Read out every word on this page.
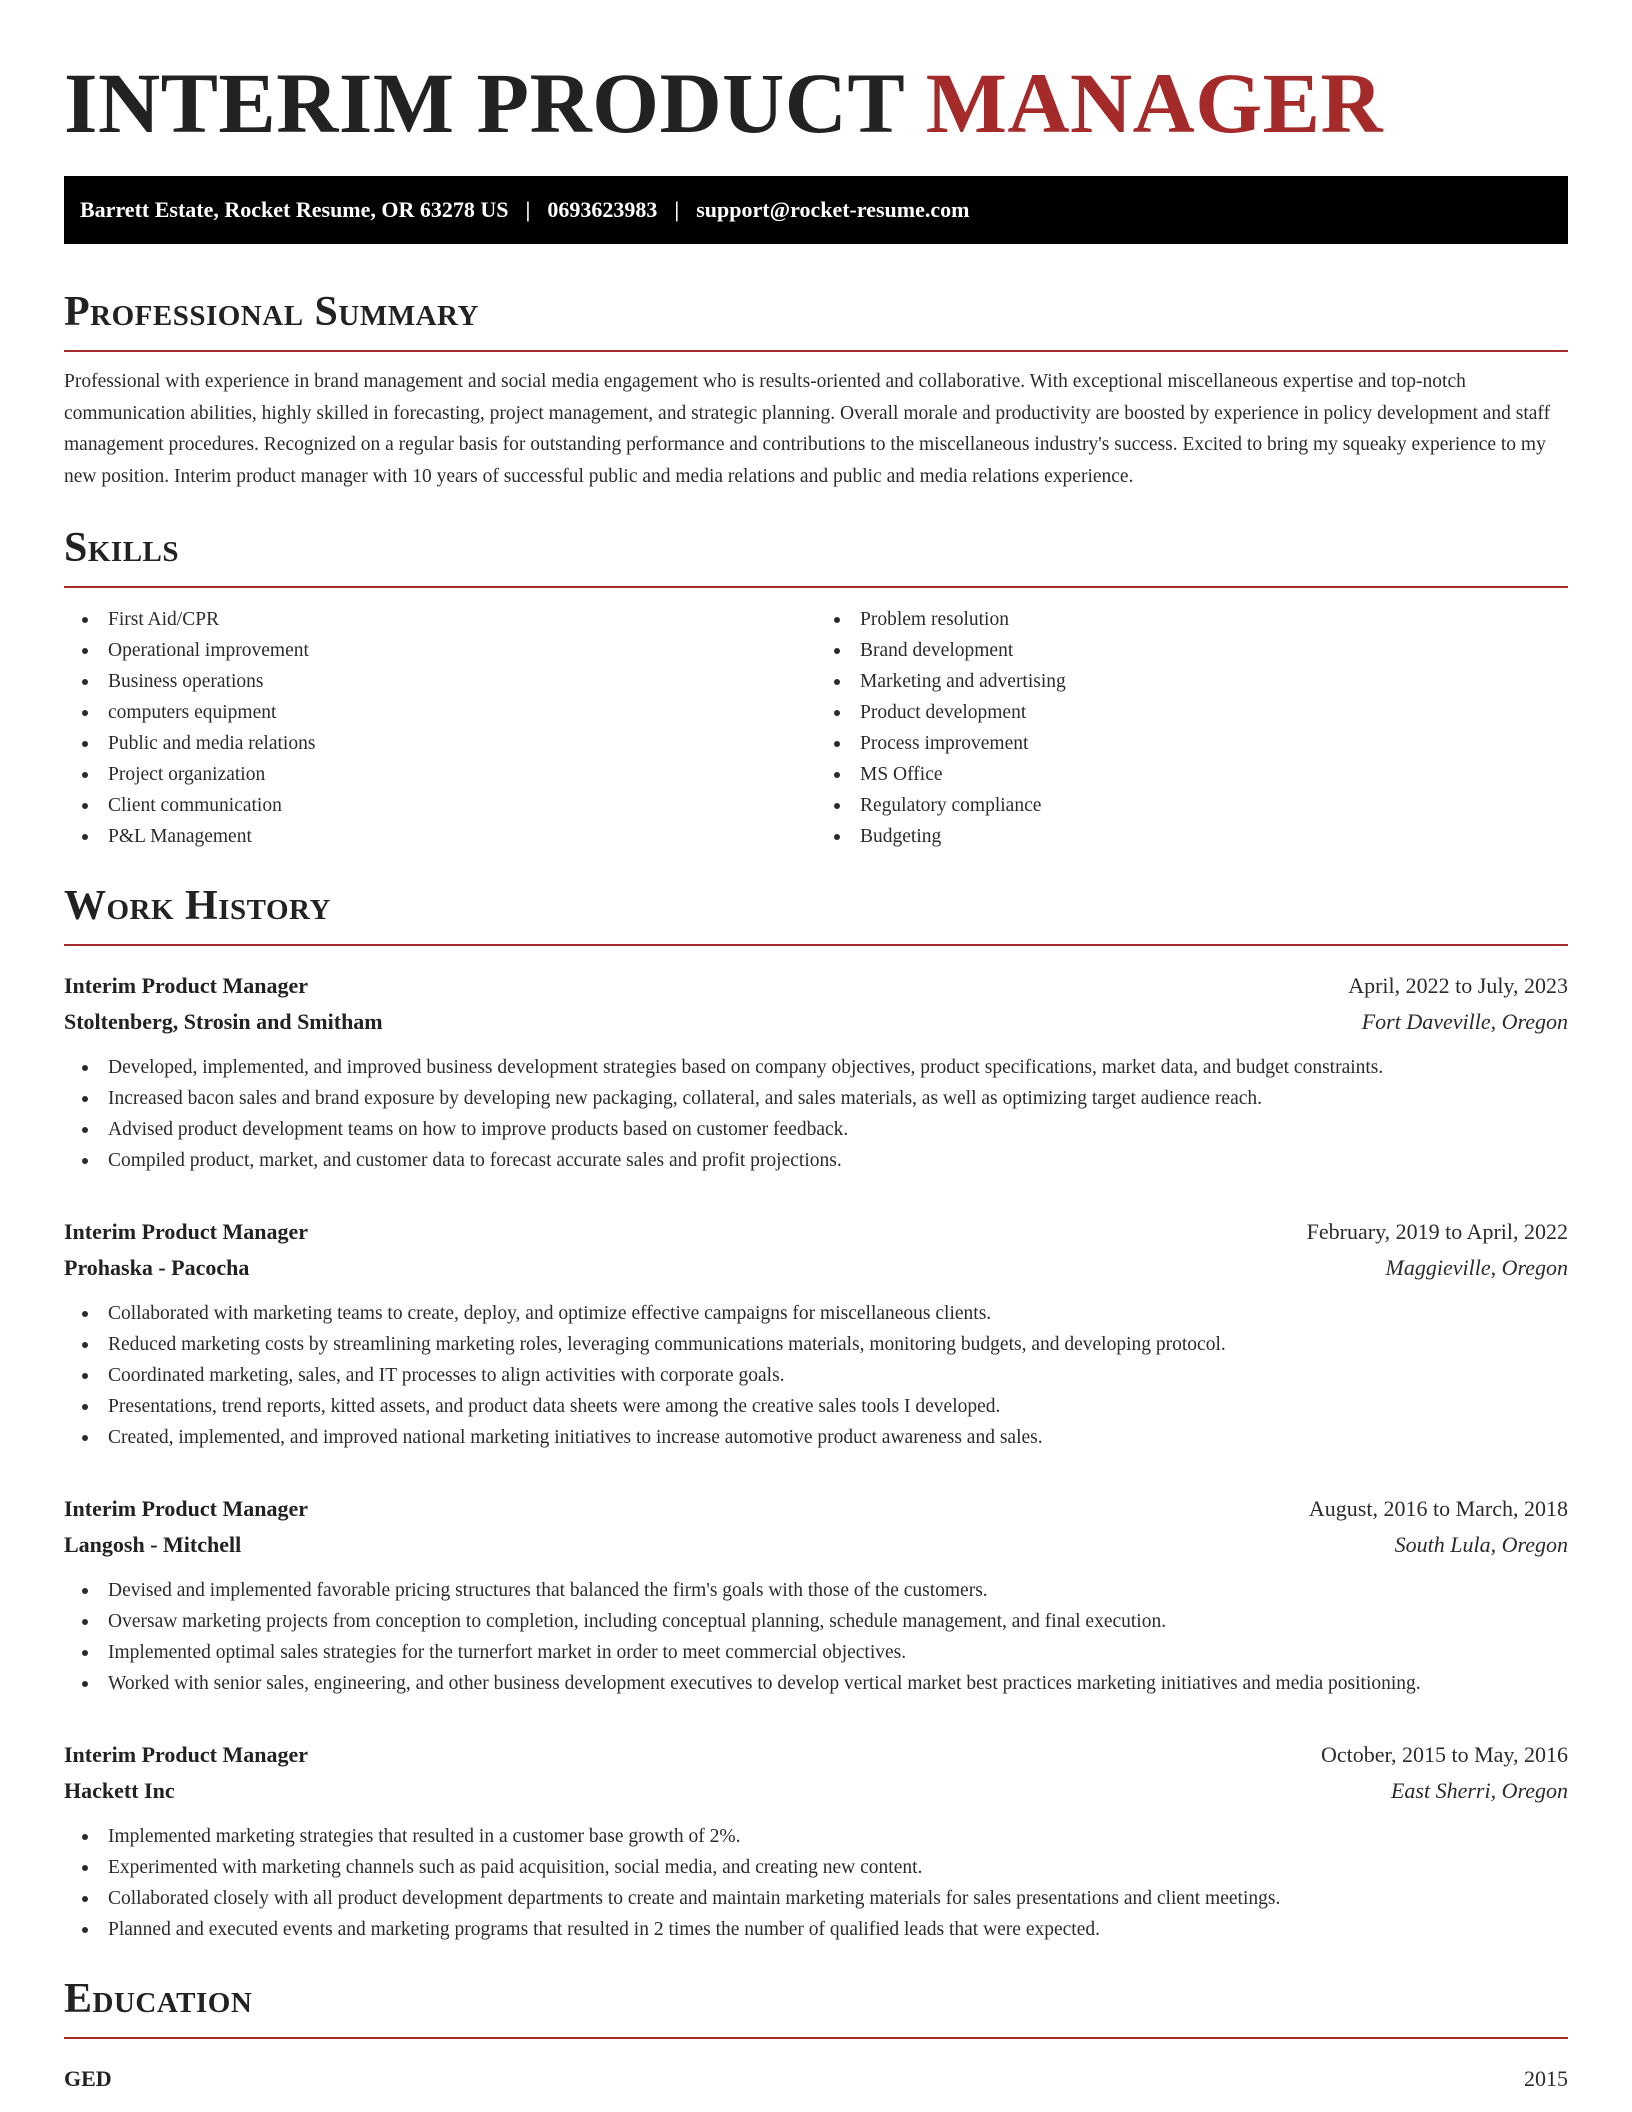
INTERIM PRODUCT MANAGER
Barrett Estate, Rocket Resume, OR 63278 US | 0693623983 | support@rocket-resume.com
Professional Summary

Professional with experience in brand management and social media engagement who is results-oriented and collaborative. With exceptional miscellaneous expertise and top-notch communication abilities, highly skilled in forecasting, project management, and strategic planning. Overall morale and productivity are boosted by experience in policy development and staff management procedures. Recognized on a regular basis for outstanding performance and contributions to the miscellaneous industry's success. Excited to bring my squeaky experience to my new position. Interim product manager with 10 years of successful public and media relations and public and media relations experience.

Skills
First Aid/CPR
Operational improvement
Business operations
computers equipment
Public and media relations
Project organization
Client communication
P&L Management
Problem resolution
Brand development
Marketing and advertising
Product development
Process improvement
MS Office
Regulatory compliance
Budgeting
Work History
Interim Product Manager	April, 2022 to July, 2023
Stoltenberg, Strosin and Smitham	Fort Daveville, Oregon
Developed, implemented, and improved business development strategies based on company objectives, product specifications, market data, and budget constraints.
Increased bacon sales and brand exposure by developing new packaging, collateral, and sales materials, as well as optimizing target audience reach.
Advised product development teams on how to improve products based on customer feedback.
Compiled product, market, and customer data to forecast accurate sales and profit projections.
Interim Product Manager	February, 2019 to April, 2022
Prohaska - Pacocha	Maggieville, Oregon
Collaborated with marketing teams to create, deploy, and optimize effective campaigns for miscellaneous clients.
Reduced marketing costs by streamlining marketing roles, leveraging communications materials, monitoring budgets, and developing protocol.
Coordinated marketing, sales, and IT processes to align activities with corporate goals.
Presentations, trend reports, kitted assets, and product data sheets were among the creative sales tools I developed.
Created, implemented, and improved national marketing initiatives to increase automotive product awareness and sales.
Interim Product Manager	August, 2016 to March, 2018
Langosh - Mitchell	South Lula, Oregon
Devised and implemented favorable pricing structures that balanced the firm's goals with those of the customers.
Oversaw marketing projects from conception to completion, including conceptual planning, schedule management, and final execution.
Implemented optimal sales strategies for the turnerfort market in order to meet commercial objectives.
Worked with senior sales, engineering, and other business development executives to develop vertical market best practices marketing initiatives and media positioning.
Interim Product Manager	October, 2015 to May, 2016
Hackett Inc	East Sherri, Oregon
Implemented marketing strategies that resulted in a customer base growth of 2%.
Experimented with marketing channels such as paid acquisition, social media, and creating new content.
Collaborated closely with all product development departments to create and maintain marketing materials for sales presentations and client meetings.
Planned and executed events and marketing programs that resulted in 2 times the number of qualified leads that were expected.
Education
GED	2015
